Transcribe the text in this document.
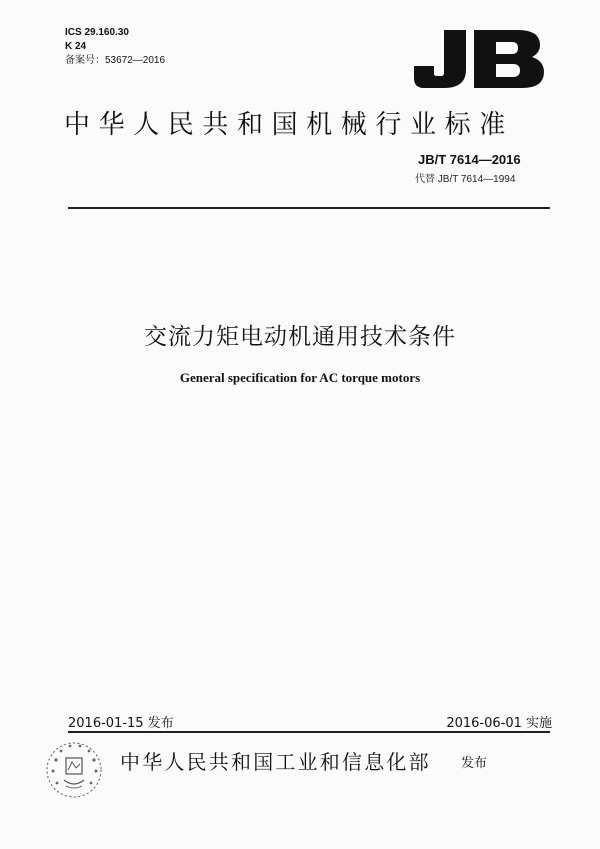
ICS 29.160.30
K 24
备案号：53672—2016
中华人民共和国机械行业标准
JB/T 7614—2016
代替 JB/T 7614—1994
交流力矩电动机通用技术条件
General specification for AC torque motors
2016-01-15 发布	2016-06-01 实施
中华人民共和国工业和信息化部 发布
